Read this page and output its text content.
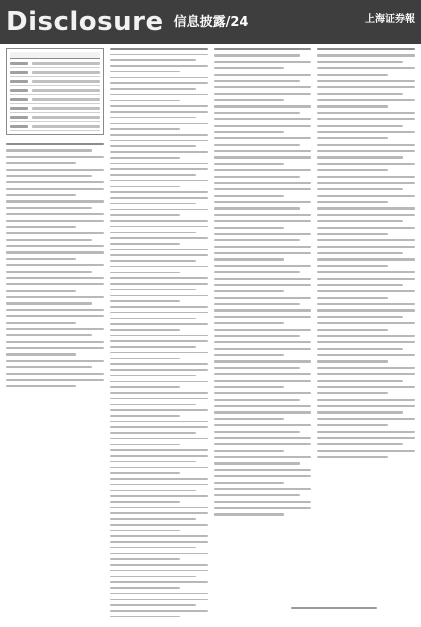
Disclosure 信息披露/24	上海证券報
